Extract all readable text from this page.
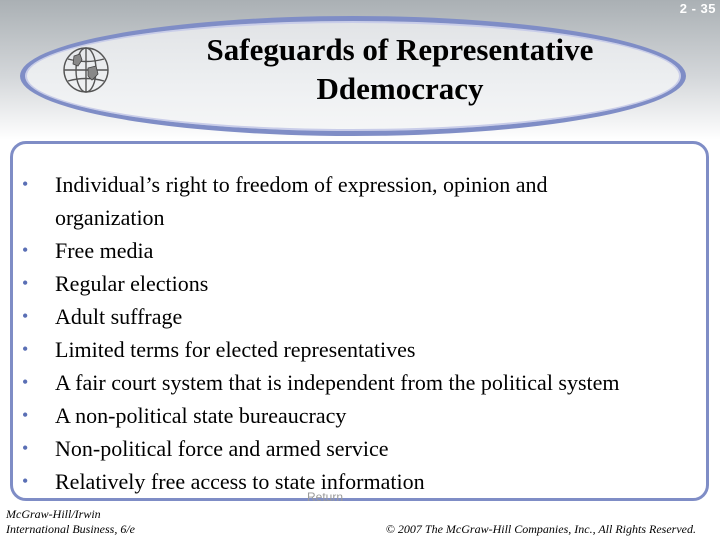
2 - 35
Safeguards of Representative
Ddemocracy
• Individual’s right to freedom of expression, opinion and
organization
• Free media
• Regular elections
• Adult suffrage
• Limited terms for elected representatives
• A fair court system that is independent from the political system
• A non-political state bureaucracy
• Non-political force and armed service
• Relatively free access to state information
Return
McGraw-Hill/Irwin
International Business, 6/e	© 2007 The McGraw-Hill Companies, Inc., All Rights Reserved.
